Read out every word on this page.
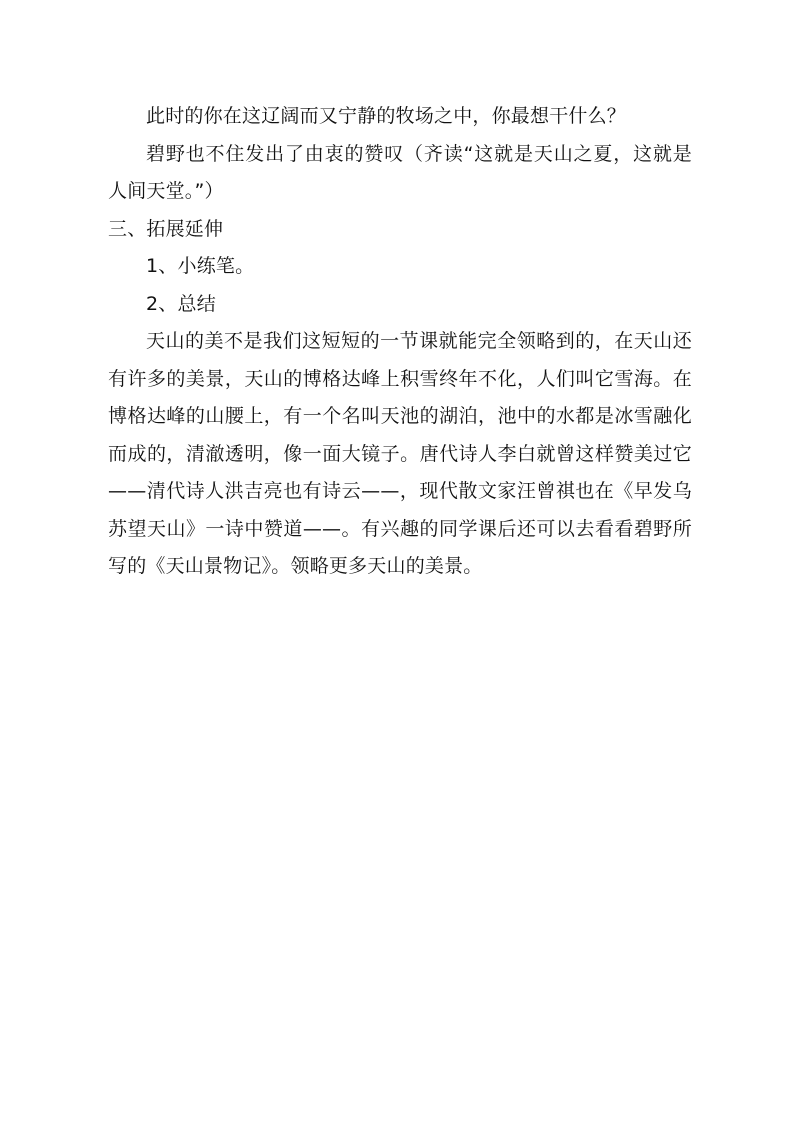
此时的你在这辽阔而又宁静的牧场之中，你最想干什么？

碧野也不住发出了由衷的赞叹（齐读“这就是天山之夏，这就是人间天堂。”）

三、拓展延伸

1、小练笔。

2、总结

天山的美不是我们这短短的一节课就能完全领略到的，在天山还有许多的美景，天山的博格达峰上积雪终年不化，人们叫它雪海。在博格达峰的山腰上，有一个名叫天池的湖泊，池中的水都是冰雪融化而成的，清澈透明，像一面大镜子。唐代诗人李白就曾这样赞美过它——清代诗人洪吉亮也有诗云——，现代散文家汪曾祺也在《早发乌苏望天山》一诗中赞道——。有兴趣的同学课后还可以去看看碧野所写的《天山景物记》。领略更多天山的美景。
